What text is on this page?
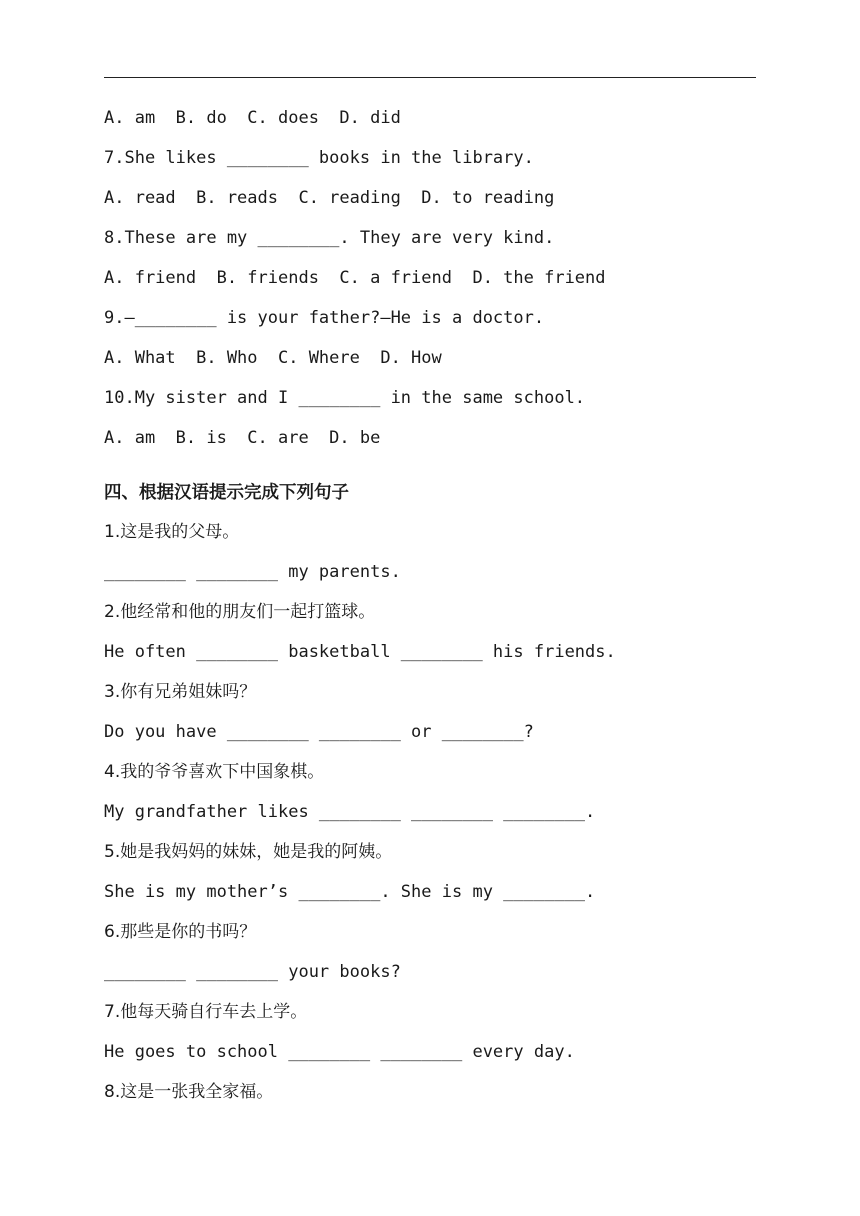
A. am  B. do  C. does  D. did
7.She likes ________ books in the library.
A. read  B. reads  C. reading  D. to reading
8.These are my ________. They are very kind.
A. friend  B. friends  C. a friend  D. the friend
9.—________ is your father?—He is a doctor.
A. What  B. Who  C. Where  D. How
10.My sister and I ________ in the same school.
A. am  B. is  C. are  D. be
四、根据汉语提示完成下列句子
1.这是我的父母。
________ ________ my parents.
2.他经常和他的朋友们一起打篮球。
He often ________ basketball ________ his friends.
3.你有兄弟姐妹吗？
Do you have ________ ________ or ________?
4.我的爷爷喜欢下中国象棋。
My grandfather likes ________ ________ ________.
5.她是我妈妈的妹妹，她是我的阿姨。
She is my mother’s ________. She is my ________.
6.那些是你的书吗？
________ ________ your books?
7.他每天骑自行车去上学。
He goes to school ________ ________ every day.
8.这是一张我全家福。
